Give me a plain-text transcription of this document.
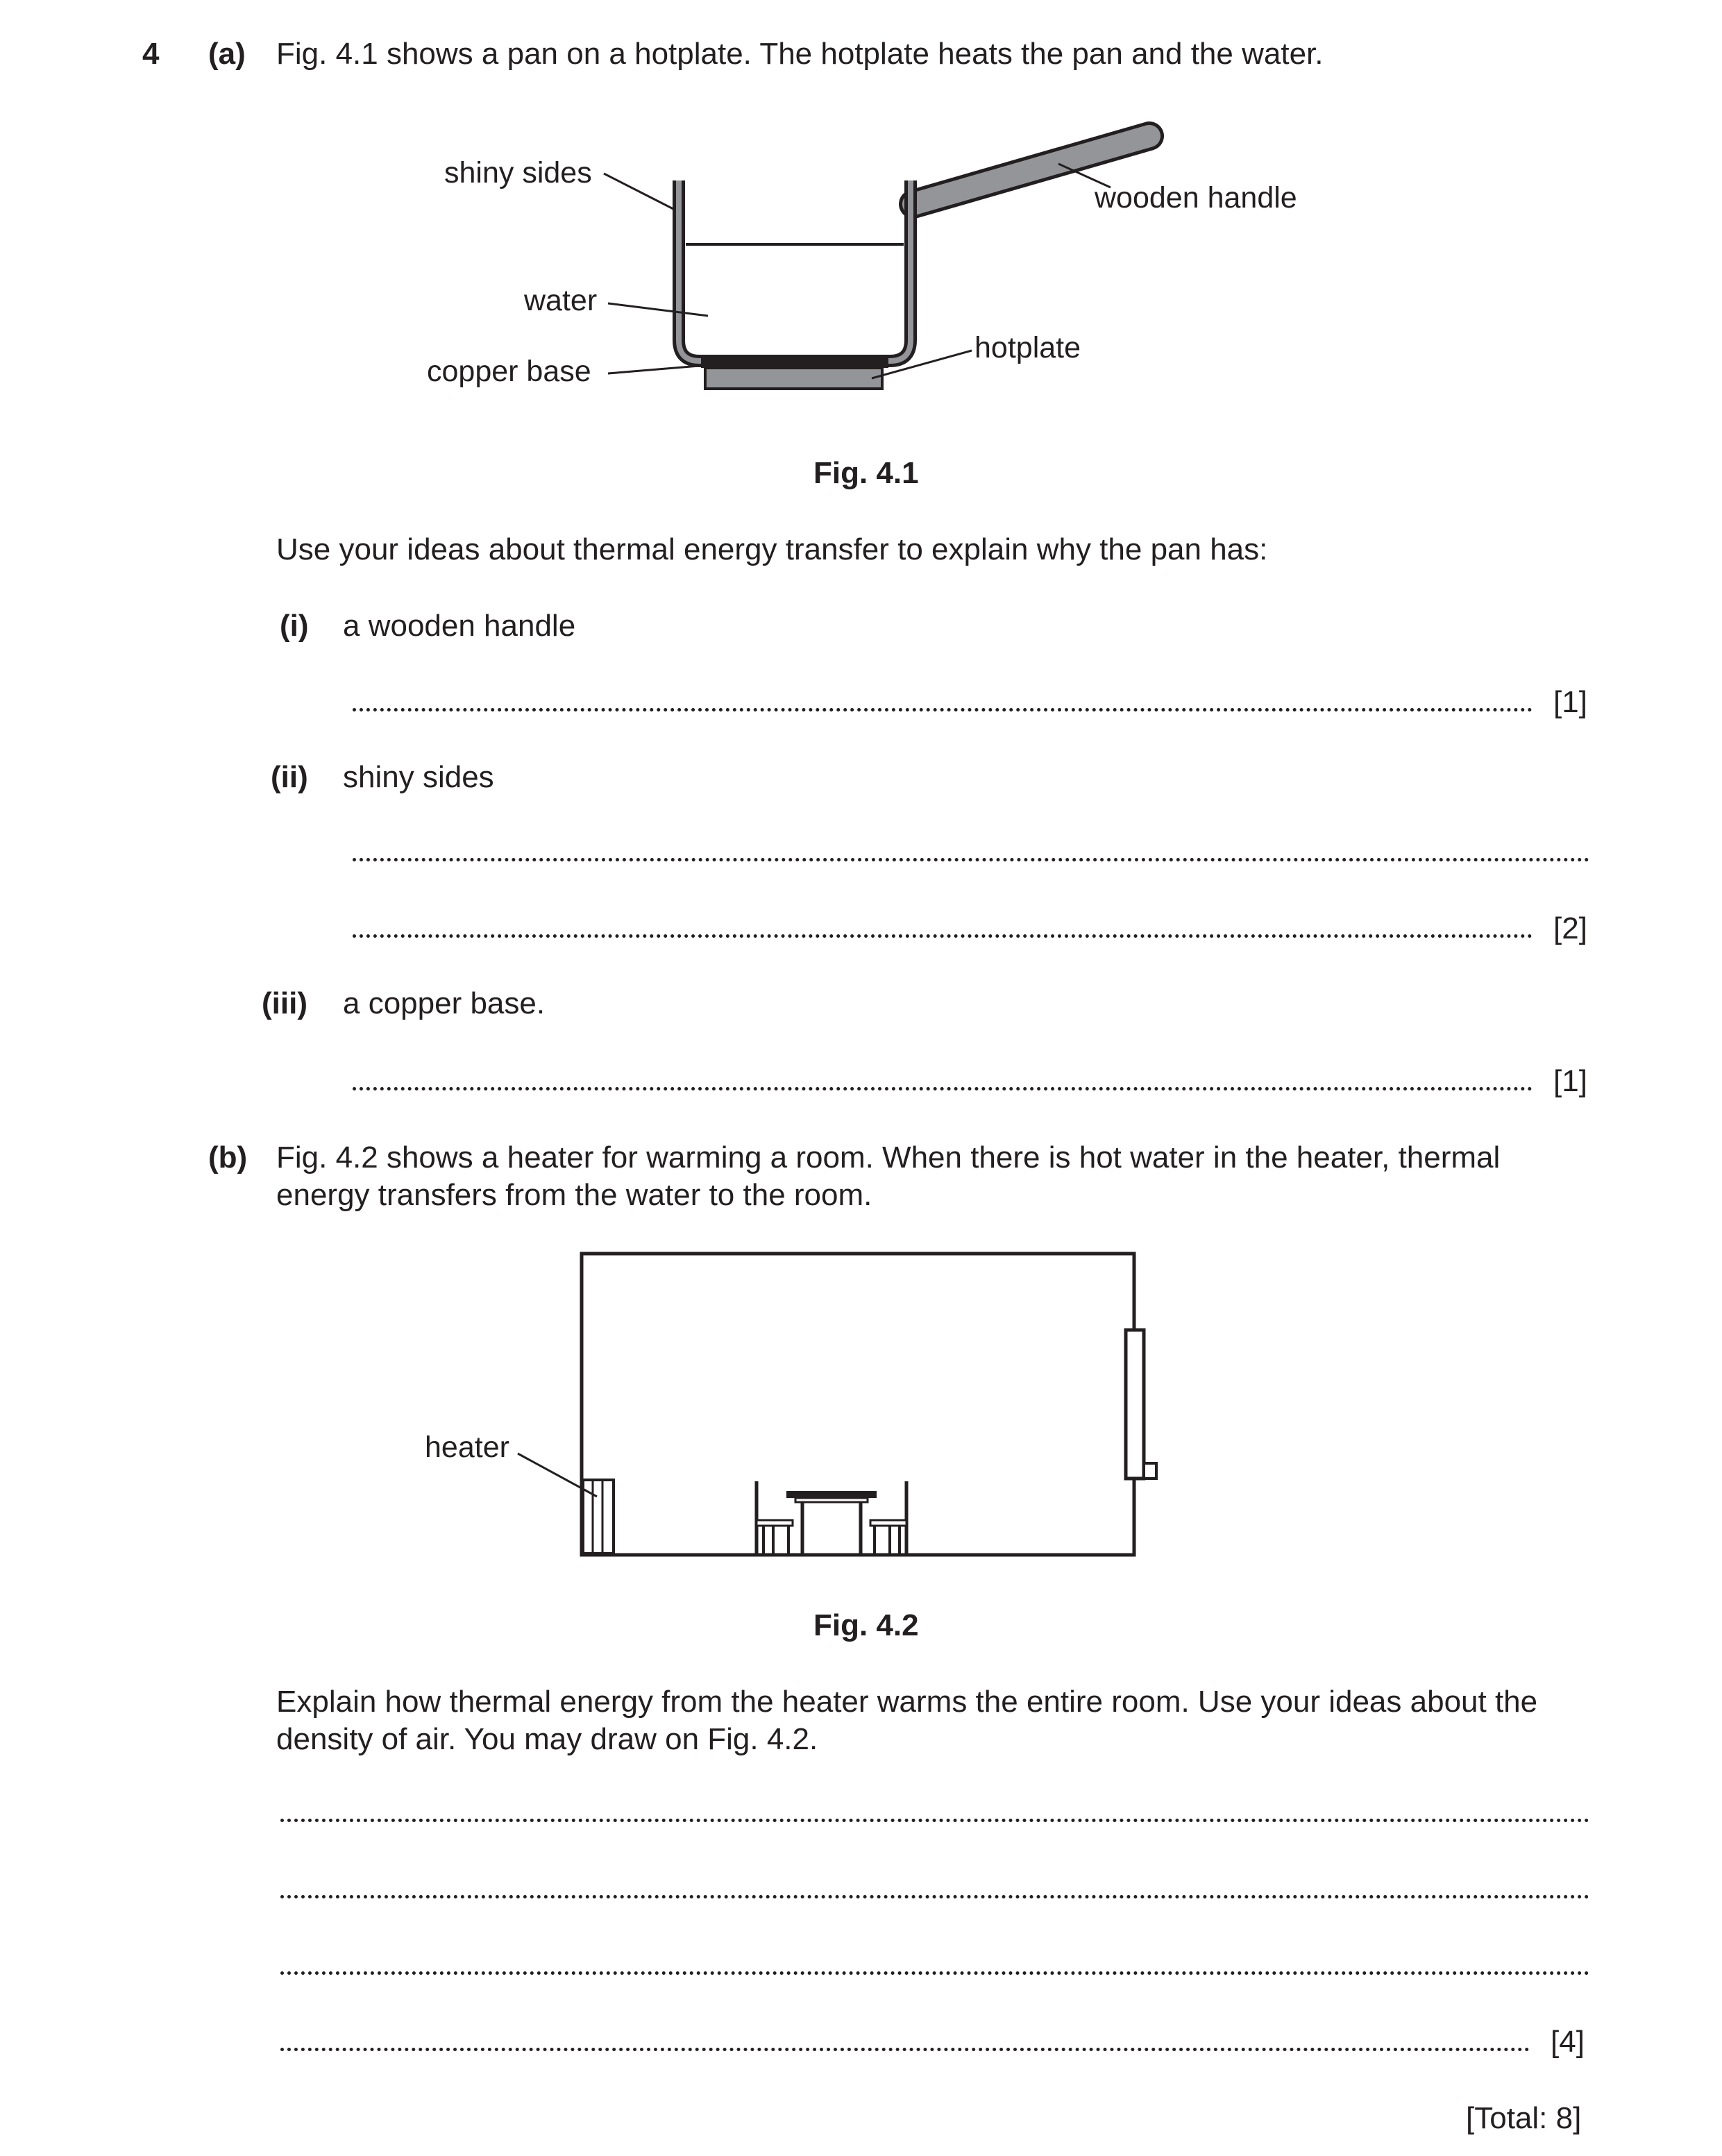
4 (a) Fig. 4.1 shows a pan on a hotplate. The hotplate heats the pan and the water.
shiny sides
water
copper base
wooden handle
hotplate
Fig. 4.1
Use your ideas about thermal energy transfer to explain why the pan has:
(i) a wooden handle
[1]
(ii) shiny sides
[2]
(iii) a copper base.
[1]
(b) Fig. 4.2 shows a heater for warming a room. When there is hot water in the heater, thermal
energy transfers from the water to the room.
heater
Fig. 4.2
Explain how thermal energy from the heater warms the entire room. Use your ideas about the
density of air. You may draw on Fig. 4.2.
[4]
[Total: 8]
